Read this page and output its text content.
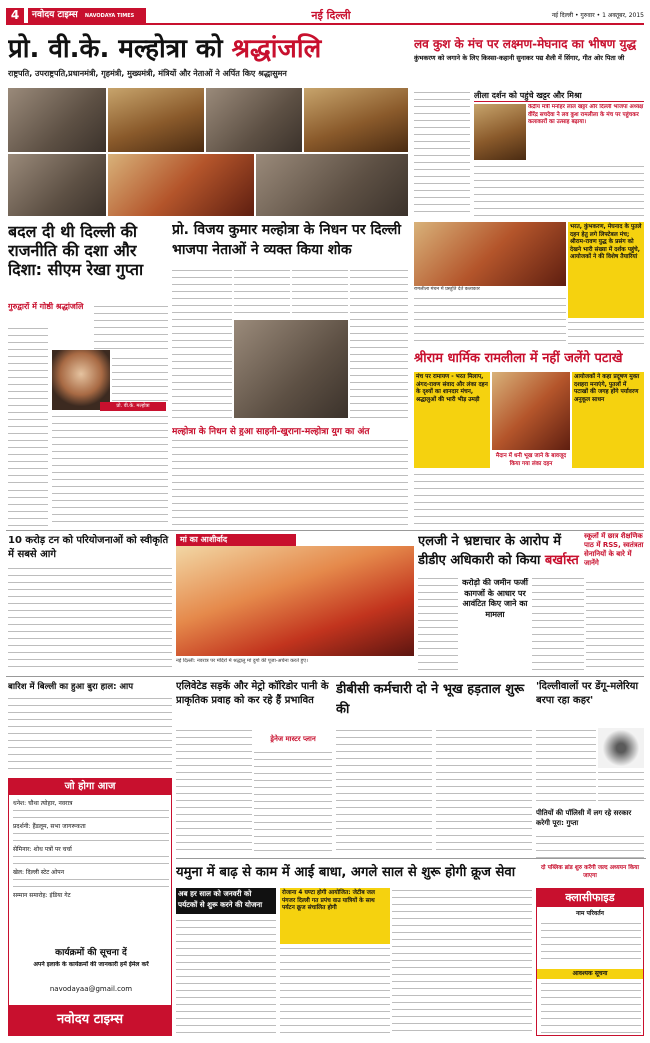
4	नवोदय टाइम्स NAVODAYA TIMES	नई दिल्ली	नई दिल्ली • गुरुवार • 1 अक्तूबर, 2015
प्रो. वी.के. मल्होत्रा को श्रद्धांजलि
राष्ट्रपति, उपराष्ट्रपति,प्रधानमंत्री, गृहमंत्री, मुख्यमंत्री, मंत्रियों और नेताओं ने अर्पित किए श्रद्धासुमन
बदल दी थी दिल्ली की राजनीति की दशा और दिशा: सीएम रेखा गुप्ता
गुरुद्वारों में गोष्ठी श्रद्धांजलि
प्रो. वी.के. मल्होत्रा
प्रो. विजय कुमार मल्होत्रा के निधन पर दिल्ली भाजपा नेताओं ने व्यक्त किया शोक
मल्होत्रा के निधन से हुआ साहनी-खुराना-मल्होत्रा युग का अंत
लव कुश के मंच पर लक्ष्मण-मेघनाद का भीषण युद्ध
कुंभकरण को जगाने के लिए किस्सा-कहानी सुनाकर पद्य शैली में सिंगार, गीत ओर पिता जी
लीला दर्शन को पहुंचे खट्टर और मिश्रा
केंद्रीय मंत्री मनोहर लाल खट्टर और दिल्ली भाजपा अध्यक्ष वीरेंद्र सचदेवा ने लव कुश रामलीला के मंच पर पहुंचकर कलाकारों का उत्साह बढ़ाया।
रामलीला मंचन में प्रस्तुति देते कलाकार
भरत, कुंभकरण, मेघनाद के पुतले दहन हेतु लगे लिफ्टेबल मंच; श्रीराम-रावण युद्ध के प्रसंग को देखने भारी संख्या में दर्शक पहुंचे, आयोजकों ने की विशेष तैयारियां
श्रीराम धार्मिक रामलीला में नहीं जलेंगे पटाखे
मंच पर रामायण - भरत मिलाप, अंगद-रावण संवाद और लंका दहन के दृश्यों का शानदार मंचन, श्रद्धालुओं की भारी भीड़ उमड़ी
मैदान में धनी भूख जाने के बावजूद किया गया लंका दहन
आयोजकों ने कहा प्रदूषण मुक्त दशहरा मनाएंगे, पुतलों में पटाखों की जगह होंगे पर्यावरण अनुकूल साधन
10 करोड़ टन को परियोजनाओं को स्वीकृति में सबसे आगे
मां का आशीर्वाद
नई दिल्ली: नवरात्र पर मंदिरों में श्रद्धालु मां दुर्गा की पूजा-अर्चना करते हुए।
एलजी ने भ्रष्टाचार के आरोप में
डीडीए अधिकारी को किया बर्खास्त
करोड़ो की जमीन फर्जी कागजों के आधार पर आवंटित किए जाने का मामला
स्कूलों में छात्र शैक्षणिक पाठ में RSS, स्वतंत्रता सेनानियों के बारे में जानेंगे
बारिश में बिल्ली का हुआ बुरा हाल: आप	एलिवेटेड सड़कें और मेट्रो कॉरिडोर पानी के प्राकृतिक प्रवाह को कर रहे हैं प्रभावित
ड्रेनेज मास्टर प्लान
डीबीसी कर्मचारी दो ने भूख हड़ताल शुरू की
'दिल्लीवालों पर डेंगू-मलेरिया बरपा रहा कहर'
पीतियों की पॉलिसी में लग रहे सरकार करेगी पूरा: गुप्ता
जो होगा आज
धनेश: चौथा त्योहार, नवरात्र
प्रदर्शनी: हैंडलूम, सभा जागरूकता
सेमिनार: शोध पत्रों पर चर्चा
खेल: दिल्ली स्टेट ओपन
सम्मान समारोह: इंडिया गेट
कार्यक्रमों की सूचना दें
अपने इलाके के कार्यक्रमों की जानकारी हमें ईमेल करें
navodayaa@gmail.com
नवोदय टाइम्स
यमुना में बाढ़ से काम में आई बाधा, अगले साल से शुरू होगी क्रूज सेवा
अब हर साल को जनवरी को
पर्यटकों से शुरू करने की योजना
रोजाना 4 घण्टा होगी आयोजित: जेटीब जल पंगजर दिल्ली गत प्रपंच वाउ यात्रियों के साथ पर्यटन क्रूज संचालित होगी
दो पब्लिक ब्रांड शुरु करेंगी जल्द अध्ययन किया जाएगा
क्लासीफाइड
नाम परिवर्तन
आवश्यक सूचना
